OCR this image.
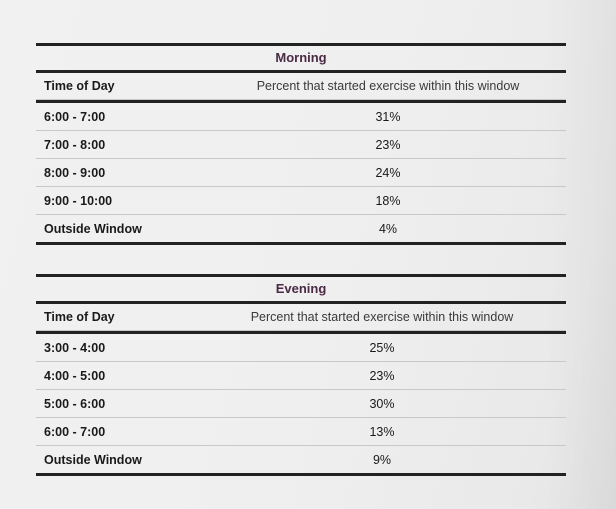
Morning
Time of Day	Percent that started exercise within this window
6:00 - 7:00	31%
7:00 - 8:00	23%
8:00 - 9:00	24%
9:00 - 10:00	18%
Outside Window	4%
Evening
Time of Day	Percent that started exercise within this window
3:00 - 4:00	25%
4:00 - 5:00	23%
5:00 - 6:00	30%
6:00 - 7:00	13%
Outside Window	9%
